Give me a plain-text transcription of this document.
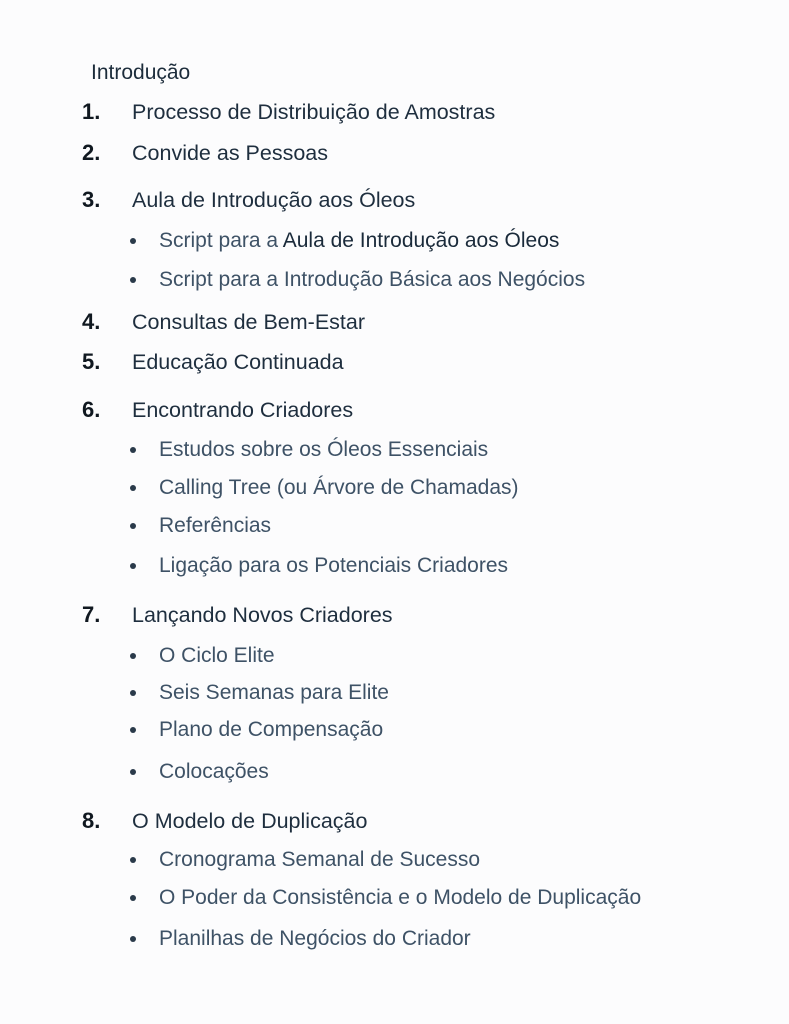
Introdução
1. Processo de Distribuição de Amostras
2. Convide as Pessoas
3. Aula de Introdução aos Óleos
Script para a Aula de Introdução aos Óleos
Script para a Introdução Básica aos Negócios
4. Consultas de Bem-Estar
5. Educação Continuada
6. Encontrando Criadores
Estudos sobre os Óleos Essenciais
Calling Tree (ou Árvore de Chamadas)
Referências
Ligação para os Potenciais Criadores
7. Lançando Novos Criadores
O Ciclo Elite
Seis Semanas para Elite
Plano de Compensação
Colocações
8. O Modelo de Duplicação
Cronograma Semanal de Sucesso
O Poder da Consistência e o Modelo de Duplicação
Planilhas de Negócios do Criador
